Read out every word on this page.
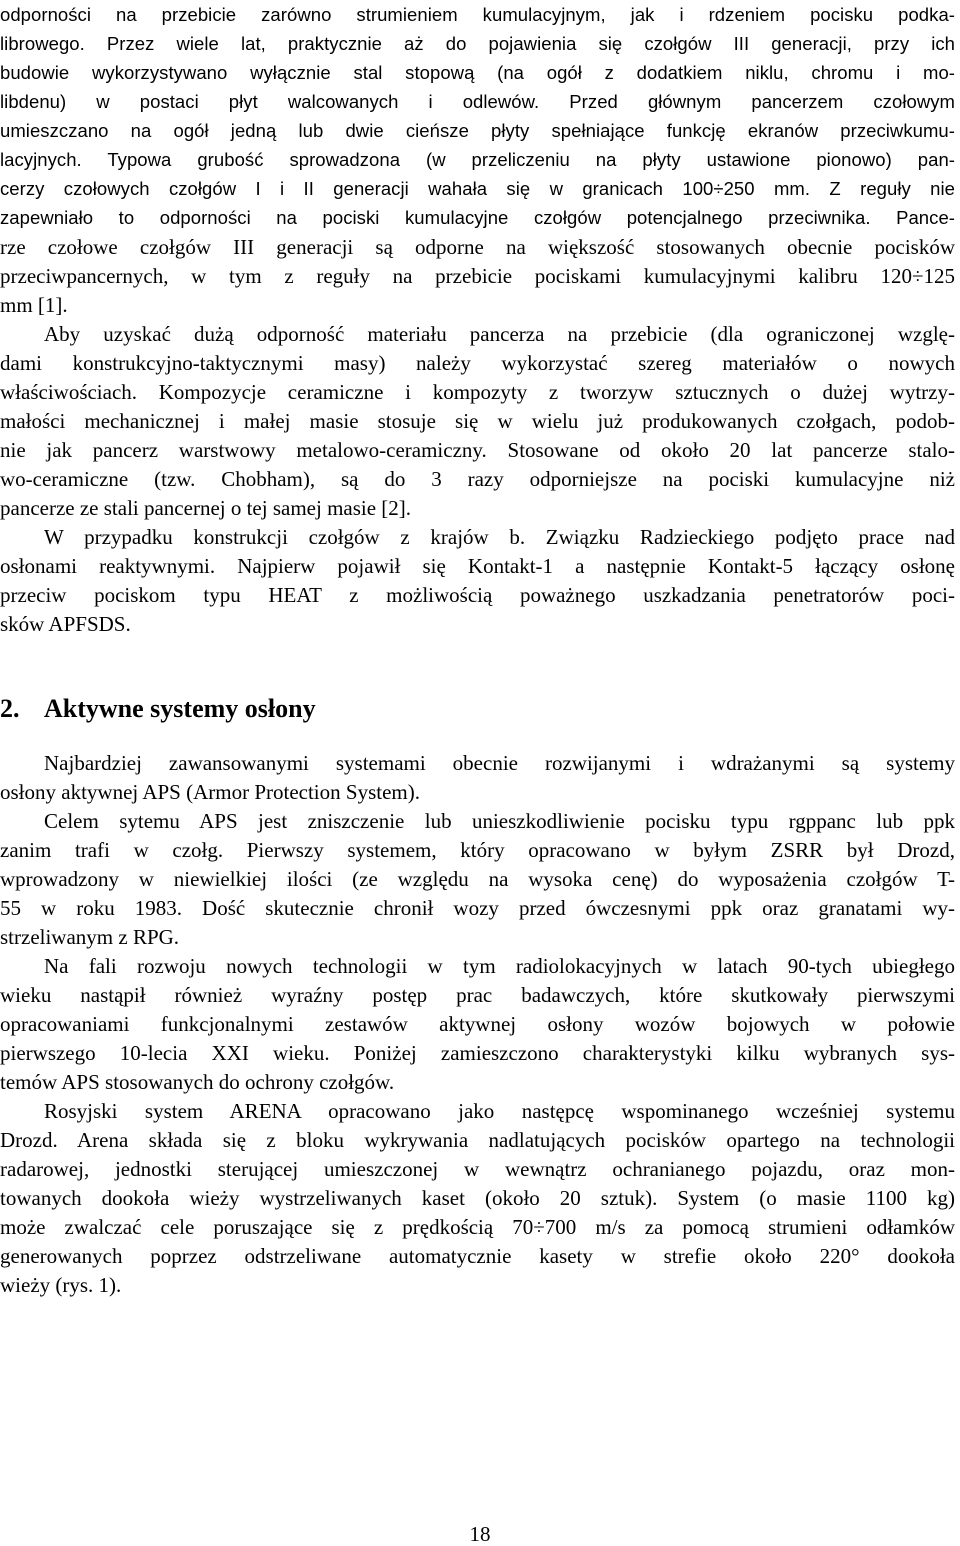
odporności na przebicie zarówno strumieniem kumulacyjnym, jak i rdzeniem pocisku podka-

librowego. Przez wiele lat, praktycznie aż do pojawienia się czołgów III generacji, przy ich

budowie wykorzystywano wyłącznie stal stopową (na ogół z dodatkiem niklu, chromu i mo-

libdenu) w postaci płyt walcowanych i odlewów. Przed głównym pancerzem czołowym

umieszczano na ogół jedną lub dwie cieńsze płyty spełniające funkcję ekranów przeciwkumu-

lacyjnych. Typowa grubość sprowadzona (w przeliczeniu na płyty ustawione pionowo) pan-

cerzy czołowych czołgów I i II generacji wahała się w granicach 100÷250 mm. Z reguły nie

zapewniało to odporności na pociski kumulacyjne czołgów potencjalnego przeciwnika. Pance-

rze czołowe czołgów III generacji są odporne na większość stosowanych obecnie pocisków

przeciwpancernych, w tym z reguły na przebicie pociskami kumulacyjnymi kalibru 120÷125

mm [1].

Aby uzyskać dużą odporność materiału pancerza na przebicie (dla ograniczonej wzglę-

dami konstrukcyjno-taktycznymi masy) należy wykorzystać szereg materiałów o nowych

właściwościach. Kompozycje ceramiczne i kompozyty z tworzyw sztucznych o dużej wytrzy-

małości mechanicznej i małej masie stosuje się w wielu już produkowanych czołgach, podob-

nie jak pancerz warstwowy metalowo-ceramiczny. Stosowane od około 20 lat pancerze stalo-

wo-ceramiczne (tzw. Chobham), są do 3 razy odporniejsze na pociski kumulacyjne niż

pancerze ze stali pancernej o tej samej masie [2].

W przypadku konstrukcji czołgów z krajów b. Związku Radzieckiego podjęto prace nad

osłonami reaktywnymi. Najpierw pojawił się Kontakt-1 a następnie Kontakt-5 łączący osłonę

przeciw pociskom typu HEAT z możliwością poważnego uszkadzania penetratorów poci-

sków APFSDS.

2. Aktywne systemy osłony

Najbardziej zawansowanymi systemami obecnie rozwijanymi i wdrażanymi są systemy

osłony aktywnej APS (Armor Protection System).

Celem sytemu APS jest zniszczenie lub unieszkodliwienie pocisku typu rgppanc lub ppk

zanim trafi w czołg. Pierwszy systemem, który opracowano w byłym ZSRR był Drozd,

wprowadzony w niewielkiej ilości (ze względu na wysoka cenę) do wyposażenia czołgów T-

55 w roku 1983. Dość skutecznie chronił wozy przed ówczesnymi ppk oraz granatami wy-

strzeliwanym z RPG.

Na fali rozwoju nowych technologii w tym radiolokacyjnych w latach 90-tych ubiegłego

wieku nastąpił również wyraźny postęp prac badawczych, które skutkowały pierwszymi

opracowaniami funkcjonalnymi zestawów aktywnej osłony wozów bojowych w połowie

pierwszego 10-lecia XXI wieku. Poniżej zamieszczono charakterystyki kilku wybranych sys-

temów APS stosowanych do ochrony czołgów.

Rosyjski system ARENA opracowano jako następcę wspominanego wcześniej systemu

Drozd. Arena składa się z bloku wykrywania nadlatujących pocisków opartego na technologii

radarowej, jednostki sterującej umieszczonej w wewnątrz ochranianego pojazdu, oraz mon-

towanych dookoła wieży wystrzeliwanych kaset (około 20 sztuk). System (o masie 1100 kg)

może zwalczać cele poruszające się z prędkością 70÷700 m/s za pomocą strumieni odłamków

generowanych poprzez odstrzeliwane automatycznie kasety w strefie około 220° dookoła

wieży (rys. 1).

18
